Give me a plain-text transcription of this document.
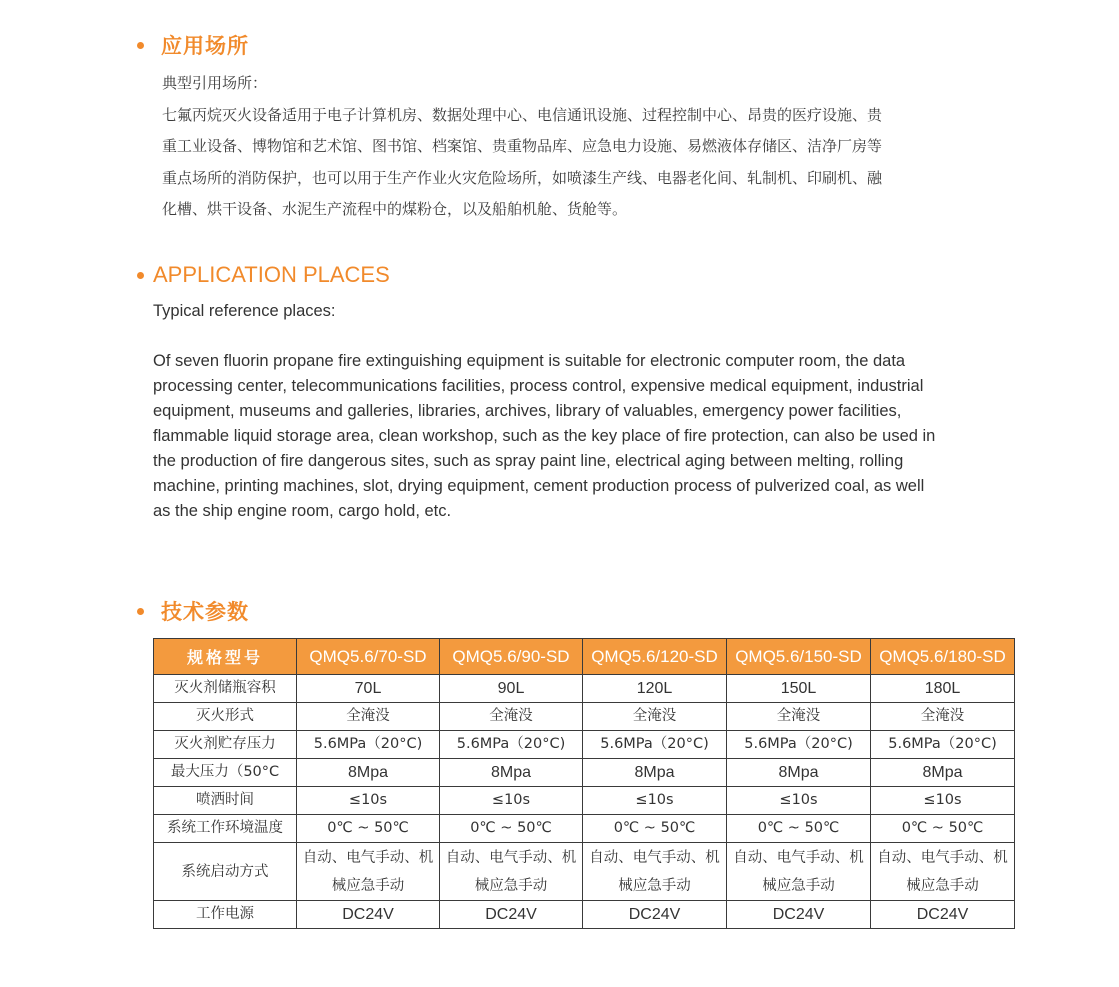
应用场所
典型引用场所：
七氟丙烷灭火设备适用于电子计算机房、数据处理中心、电信通讯设施、过程控制中心、昂贵的医疗设施、贵
重工业设备、博物馆和艺术馆、图书馆、档案馆、贵重物品库、应急电力设施、易燃液体存储区、洁净厂房等
重点场所的消防保护，也可以用于生产作业火灾危险场所，如喷漆生产线、电器老化间、轧制机、印刷机、融
化槽、烘干设备、水泥生产流程中的煤粉仓，以及船舶机舱、货舱等。
APPLICATION PLACES
Typical reference places:
Of seven fluorin propane fire extinguishing equipment is suitable for electronic computer room, the data
processing center, telecommunications facilities, process control, expensive medical equipment, industrial
equipment, museums and galleries, libraries, archives, library of valuables, emergency power facilities,
flammable liquid storage area, clean workshop, such as the key place of fire protection, can also be used in
the production of fire dangerous sites, such as spray paint line, electrical aging between melting, rolling
machine, printing machines, slot, drying equipment, cement production process of pulverized coal, as well
as the ship engine room, cargo hold, etc.
技术参数
规格型号	QMQ5.6/70-SD	QMQ5.6/90-SD	QMQ5.6/120-SD	QMQ5.6/150-SD	QMQ5.6/180-SD
灭火剂储瓶容积	70L	90L	120L	150L	180L
灭火形式	全淹没	全淹没	全淹没	全淹没	全淹没
灭火剂贮存压力	5.6MPa（20°C)	5.6MPa（20°C)	5.6MPa（20°C)	5.6MPa（20°C)	5.6MPa（20°C)
最大压力（50°C	8Mpa	8Mpa	8Mpa	8Mpa	8Mpa
喷洒时间	≤10s	≤10s	≤10s	≤10s	≤10s
系统工作环境温度	0℃ ~ 50℃	0℃ ~ 50℃	0℃ ~ 50℃	0℃ ~ 50℃	0℃ ~ 50℃
系统启动方式	自动、电气手动、机械应急手动	自动、电气手动、机械应急手动	自动、电气手动、机械应急手动	自动、电气手动、机械应急手动	自动、电气手动、机械应急手动
工作电源	DC24V	DC24V	DC24V	DC24V	DC24V
